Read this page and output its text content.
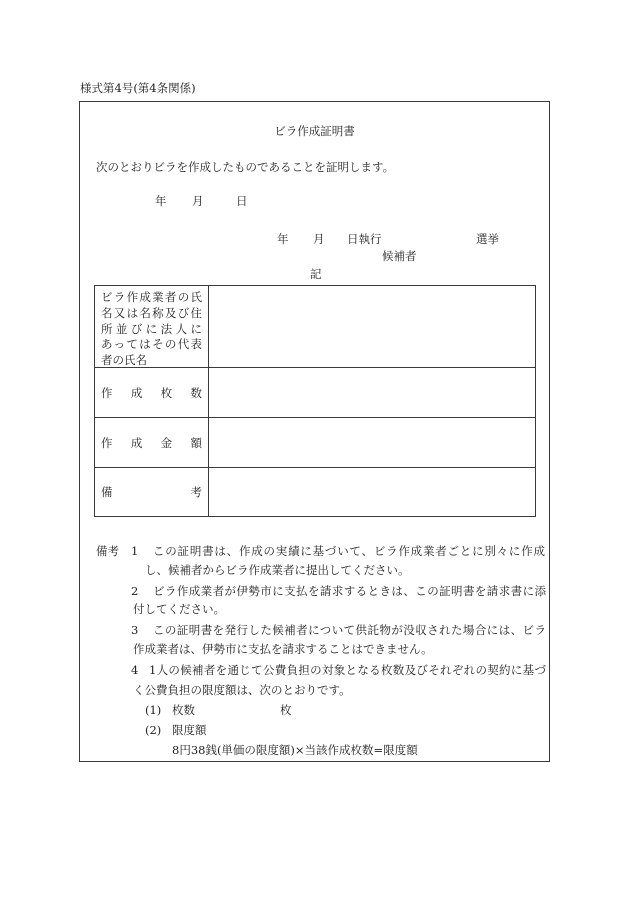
様式第4号(第4条関係)
ビラ作成証明書
次のとおりビラを作成したものであることを証明します。
年 月	日
年 月 日執行	選挙
候補者
記
ビラ作成業者の氏
名又は名称及び住
所並びに法人に
あってはその代表
者の氏名
作成枚数
作成金額
備考
備考 1 この証明書は、作成の実績に基づいて、ビラ作成業者ごとに別々に作成
し、候補者からビラ作成業者に提出してください。
2 ビラ作成業者が伊勢市に支払を請求するときは、この証明書を請求書に添
付してください。
3 この証明書を発行した候補者について供託物が没収された場合には、ビラ
作成業者は、伊勢市に支払を請求することはできません。
4 1人の候補者を通じて公費負担の対象となる枚数及びそれぞれの契約に基づ
く公費負担の限度額は、次のとおりです。
(1) 枚数	枚
(2) 限度額
8円38銭(単価の限度額)×当該作成枚数=限度額
